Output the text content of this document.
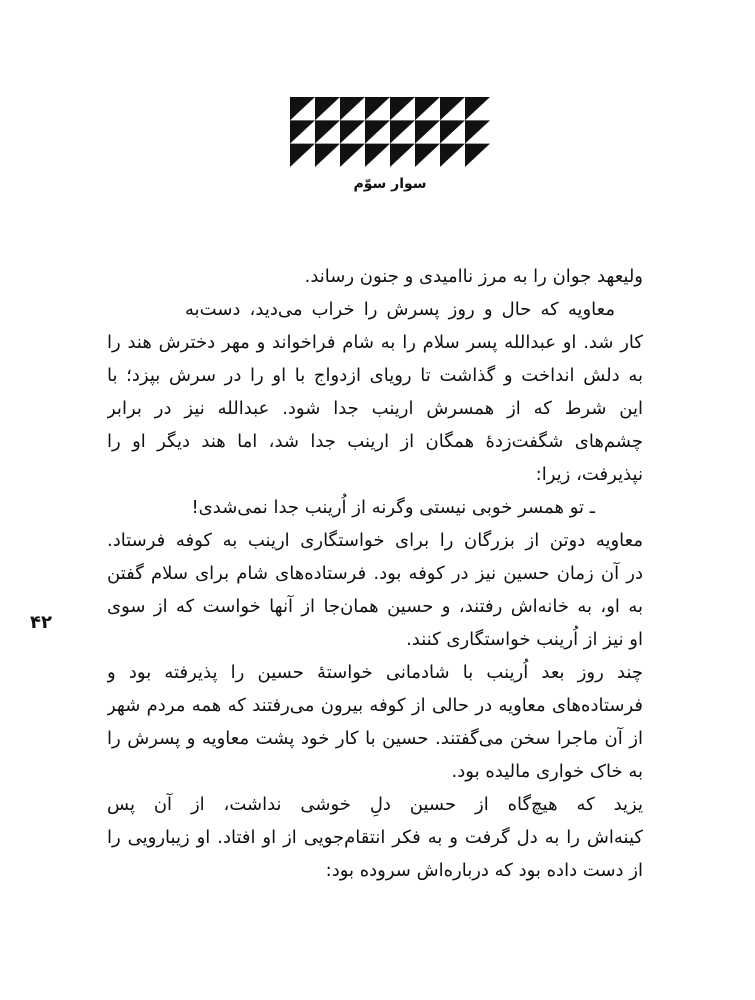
سوار سوّم
ولیعهد جوان را به مرز ناامیدی و جنون رساند.
معاویه که حال و روز پسرش را خراب می‌دید، دست‌به
کار شد. او عبدالله پسر سلام را به شام فراخواند و مهر دخترش هند را
به دلش انداخت و گذاشت تا رویای ازدواج با او را در سرش بپزد؛ با
این شرط که از همسرش ارینب جدا شود. عبدالله نیز در برابر
چشم‌های شگفت‌زدهٔ همگان از ارینب جدا شد، اما هند دیگر او را
نپذیرفت، زیرا:
ـ تو همسر خوبی نیستی وگرنه از اُرینب جدا نمی‌شدی!
معاویه دوتن از بزرگان را برای خواستگاری ارینب به کوفه فرستاد.
در آن زمان حسین نیز در کوفه بود. فرستاده‌های شام برای سلام گفتن
به او، به خانه‌اش رفتند، و حسین همان‌جا از آنها خواست که از سوی
او نیز از اُرینب خواستگاری کنند.
چند روز بعد اُرینب با شادمانی خواستهٔ حسین را پذیرفته بود و
فرستاده‌های معاویه در حالی از کوفه بیرون می‌رفتند که همه مردم شهر
از آن ماجرا سخن می‌گفتند. حسین با کار خود پشت معاویه و پسرش را
به خاک خواری مالیده بود.
یزید که هیچ‌گاه از حسین دلِ خوشی نداشت، از آن پس
کینه‌اش را به دل گرفت و به فکر انتقام‌جویی از او افتاد. او زیبارویی را
از دست داده بود که درباره‌اش سروده بود:
۴۲
